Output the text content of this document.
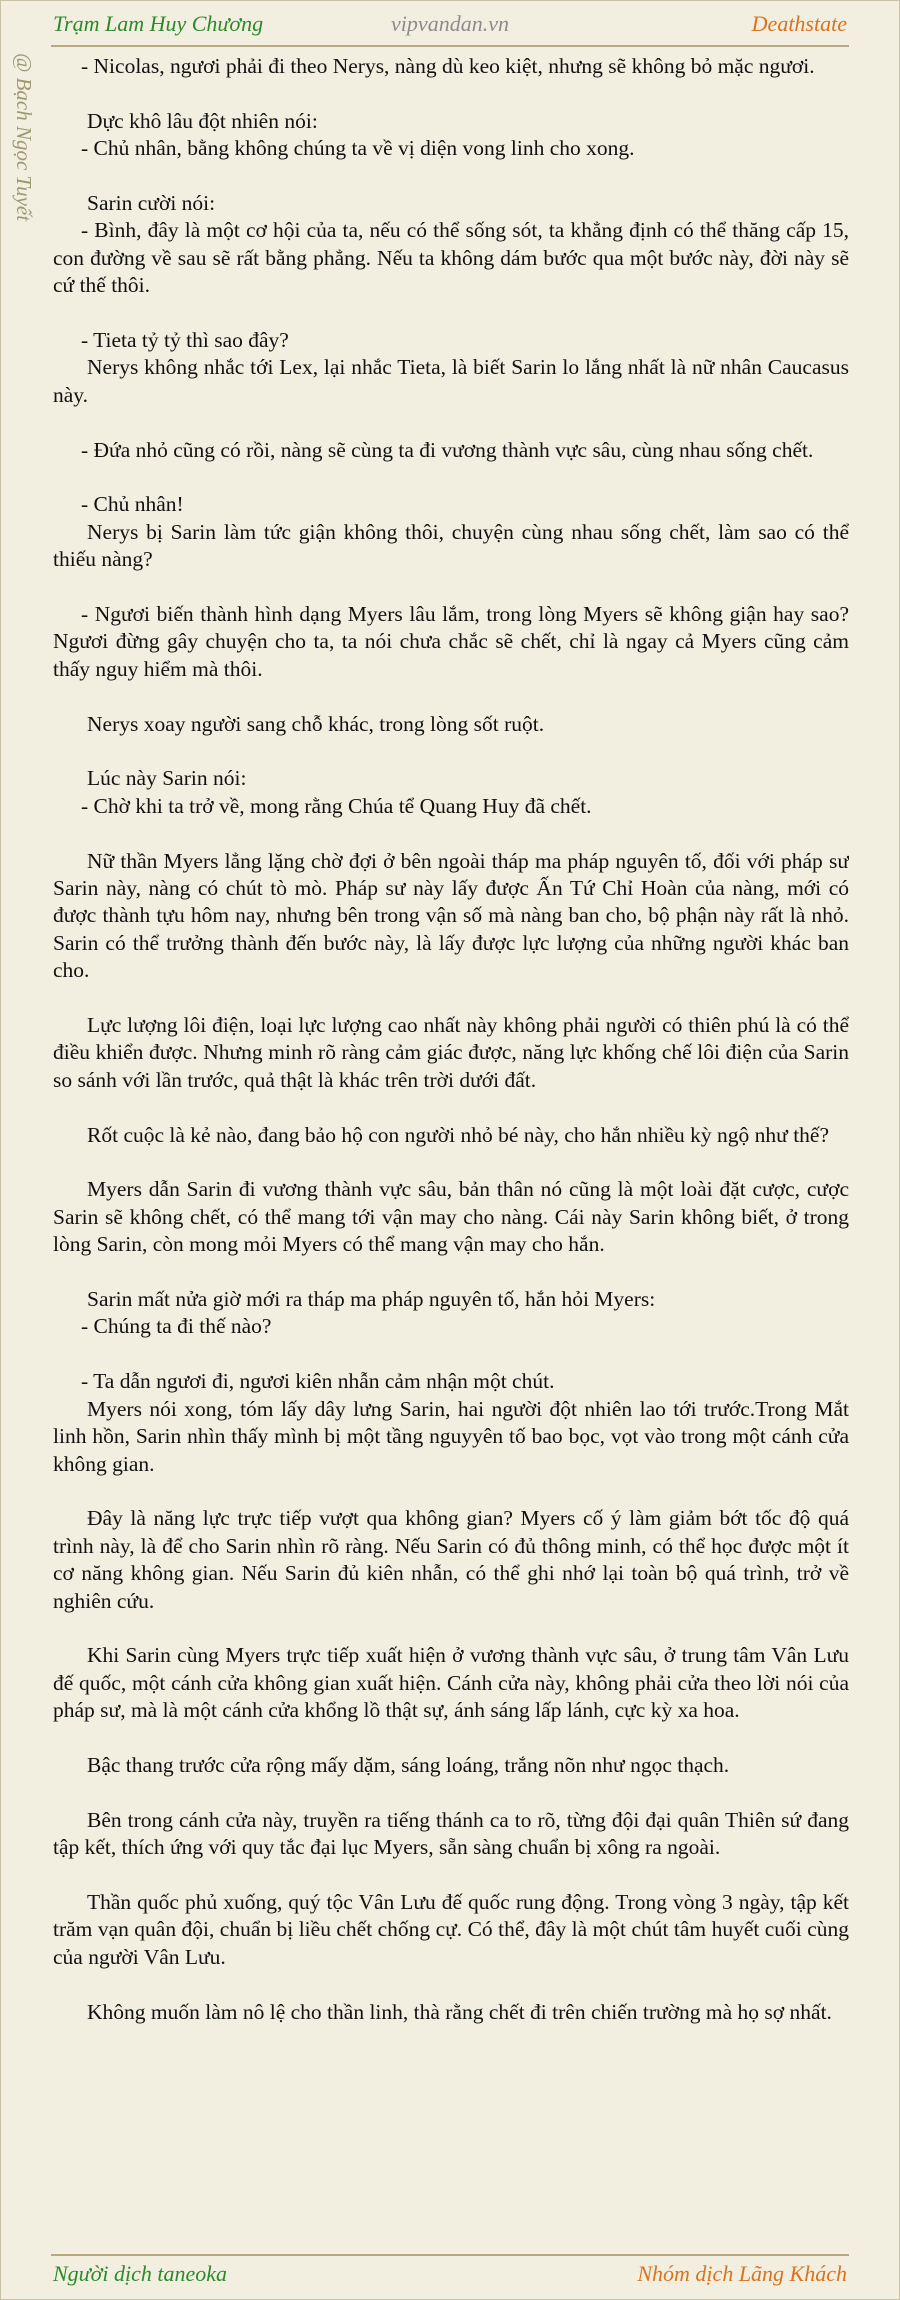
Trạm Lam Huy Chương	vipvandan.vn	Deathstate
@ Bạch Ngọc Tuyết	- Nicolas, ngươi phải đi theo Nerys, nàng dù keo kiệt, nhưng sẽ không bỏ mặc ngươi.

Dực khô lâu đột nhiên nói:

- Chủ nhân, bằng không chúng ta về vị diện vong linh cho xong.

Sarin cười nói:

- Bình, đây là một cơ hội của ta, nếu có thể sống sót, ta khẳng định có thể thăng cấp 15, con đường về sau sẽ rất bằng phẳng. Nếu ta không dám bước qua một bước này, đời này sẽ cứ thế thôi.

- Tieta tỷ tỷ thì sao đây?

Nerys không nhắc tới Lex, lại nhắc Tieta, là biết Sarin lo lắng nhất là nữ nhân Caucasus này.

- Đứa nhỏ cũng có rồi, nàng sẽ cùng ta đi vương thành vực sâu, cùng nhau sống chết.

- Chủ nhân!

Nerys bị Sarin làm tức giận không thôi, chuyện cùng nhau sống chết, làm sao có thể thiếu nàng?

- Ngươi biến thành hình dạng Myers lâu lắm, trong lòng Myers sẽ không giận hay sao? Ngươi đừng gây chuyện cho ta, ta nói chưa chắc sẽ chết, chỉ là ngay cả Myers cũng cảm thấy nguy hiểm mà thôi.

Nerys xoay người sang chỗ khác, trong lòng sốt ruột.

Lúc này Sarin nói:

- Chờ khi ta trở về, mong rằng Chúa tể Quang Huy đã chết.

Nữ thần Myers lẳng lặng chờ đợi ở bên ngoài tháp ma pháp nguyên tố, đối với pháp sư Sarin này, nàng có chút tò mò. Pháp sư này lấy được Ấn Tứ Chỉ Hoàn của nàng, mới có được thành tựu hôm nay, nhưng bên trong vận số mà nàng ban cho, bộ phận này rất là nhỏ. Sarin có thể trưởng thành đến bước này, là lấy được lực lượng của những người khác ban cho.

Lực lượng lôi điện, loại lực lượng cao nhất này không phải người có thiên phú là có thể điều khiển được. Nhưng minh rõ ràng cảm giác được, năng lực khống chế lôi điện của Sarin so sánh với lần trước, quả thật là khác trên trời dưới đất.

Rốt cuộc là kẻ nào, đang bảo hộ con người nhỏ bé này, cho hắn nhiều kỳ ngộ như thế?

Myers dẫn Sarin đi vương thành vực sâu, bản thân nó cũng là một loài đặt cược, cược Sarin sẽ không chết, có thể mang tới vận may cho nàng. Cái này Sarin không biết, ở trong lòng Sarin, còn mong mỏi Myers có thể mang vận may cho hắn.

Sarin mất nửa giờ mới ra tháp ma pháp nguyên tố, hắn hỏi Myers:

- Chúng ta đi thế nào?

- Ta dẫn ngươi đi, ngươi kiên nhẫn cảm nhận một chút.

Myers nói xong, tóm lấy dây lưng Sarin, hai người đột nhiên lao tới trước.Trong Mắt linh hồn, Sarin nhìn thấy mình bị một tầng nguyyên tố bao bọc, vọt vào trong một cánh cửa không gian.

Đây là năng lực trực tiếp vượt qua không gian? Myers cố ý làm giảm bớt tốc độ quá trình này, là để cho Sarin nhìn rõ ràng. Nếu Sarin có đủ thông minh, có thể học được một ít cơ năng không gian. Nếu Sarin đủ kiên nhẫn, có thể ghi nhớ lại toàn bộ quá trình, trở về nghiên cứu.

Khi Sarin cùng Myers trực tiếp xuất hiện ở vương thành vực sâu, ở trung tâm Vân Lưu đế quốc, một cánh cửa không gian xuất hiện. Cánh cửa này, không phải cửa theo lời nói của pháp sư, mà là một cánh cửa khổng lồ thật sự, ánh sáng lấp lánh, cực kỳ xa hoa.

Bậc thang trước cửa rộng mấy dặm, sáng loáng, trắng nõn như ngọc thạch.

Bên trong cánh cửa này, truyền ra tiếng thánh ca to rõ, từng đội đại quân Thiên sứ đang tập kết, thích ứng với quy tắc đại lục Myers, sẵn sàng chuẩn bị xông ra ngoài.

Thần quốc phủ xuống, quý tộc Vân Lưu đế quốc rung động. Trong vòng 3 ngày, tập kết trăm vạn quân đội, chuẩn bị liều chết chống cự. Có thể, đây là một chút tâm huyết cuối cùng của người Vân Lưu.

Không muốn làm nô lệ cho thần linh, thà rằng chết đi trên chiến trường mà họ sợ nhất.

Người dịch taneoka	Nhóm dịch Lãng Khách
